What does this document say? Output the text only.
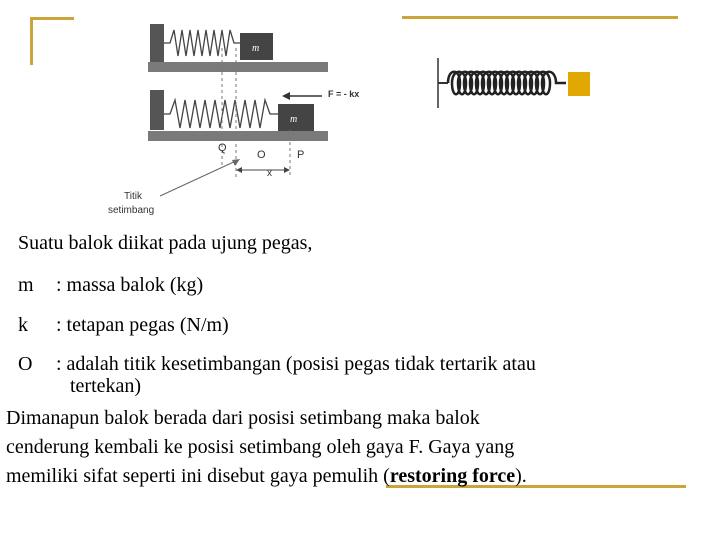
m
m
F = - kx
Q
O	P
x
Titik
setimbang
Suatu balok diikat pada ujung pegas,
m : massa balok (kg)
k : tetapan pegas (N/m)
O : adalah titik kesetimbangan (posisi pegas tidak tertarik atau
tertekan)
Dimanapun balok berada dari posisi setimbang maka balok
cenderung kembali ke posisi setimbang oleh gaya F. Gaya yang
memiliki sifat seperti ini disebut gaya pemulih (restoring force).
